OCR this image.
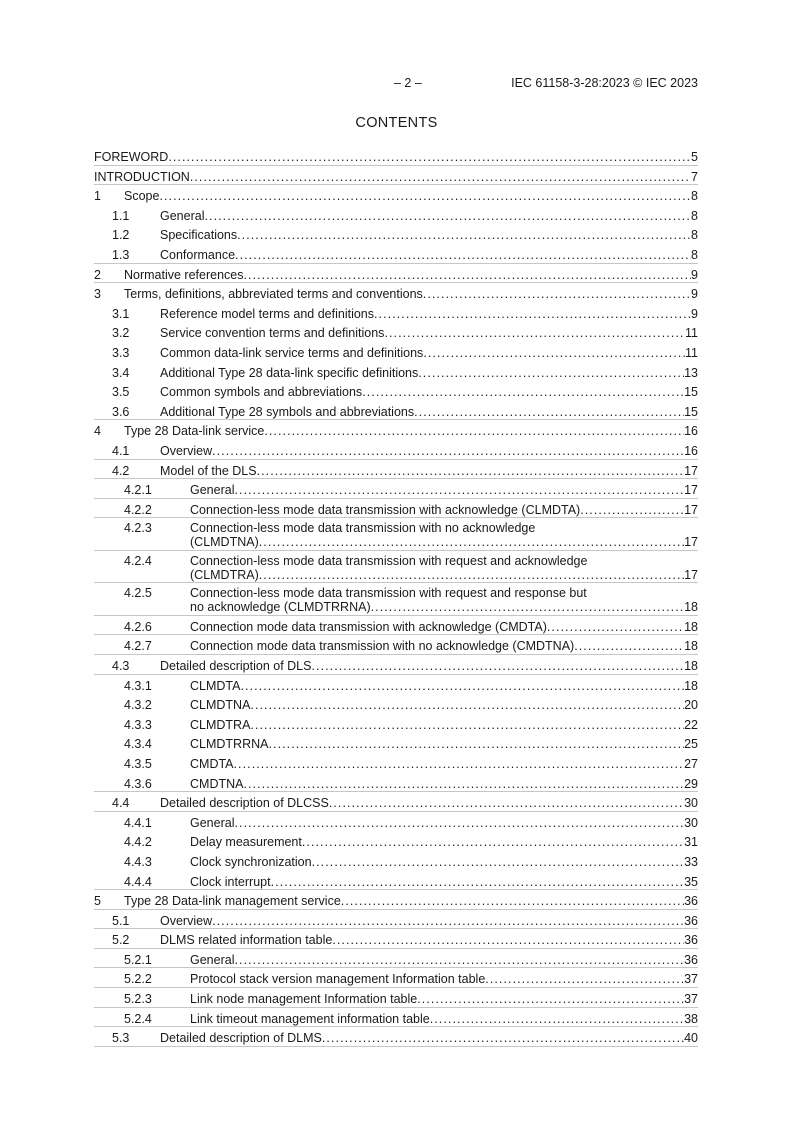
– 2 –	IEC 61158-3-28:2023 © IEC 2023
CONTENTS
FOREWORD . . .	5
INTRODUCTION . . .	7
1 Scope . . .	8
1.1 General . . .	8
1.2 Specifications . . .	8
1.3 Conformance . . .	8
2 Normative references . . .	9
3 Terms, definitions, abbreviated terms and conventions . . .	9
3.1 Reference model terms and definitions . . .	9
3.2 Service convention terms and definitions . . .	11
3.3 Common data-link service terms and definitions . . .	11
3.4 Additional Type 28 data-link specific definitions . . .	13
3.5 Common symbols and abbreviations . . .	15
3.6 Additional Type 28 symbols and abbreviations . . .	15
4 Type 28 Data-link service . . .	16
4.1 Overview . . .	16
4.2 Model of the DLS . . .	17
4.2.1	General . . .	17
4.2.2	Connection-less mode data transmission with acknowledge (CLMDTA) . . .	17
4.2.3	Connection-less mode data transmission with no acknowledge
(CLMDTNA) . . .	17
4.2.4	Connection-less mode data transmission with request and acknowledge
(CLMDTRA) . . .	17
4.2.5	Connection-less mode data transmission with request and response but
no acknowledge (CLMDTRRNA) . . .	18
4.2.6	Connection mode data transmission with acknowledge (CMDTA) . . .	18
4.2.7	Connection mode data transmission with no acknowledge (CMDTNA) . . .	18
4.3 Detailed description of DLS . . .	18
4.3.1	CLMDTA . . .	18
4.3.2	CLMDTNA . . .	20
4.3.3	CLMDTRA . . .	22
4.3.4	CLMDTRRNA . . .	25
4.3.5	CMDTA . . .	27
4.3.6	CMDTNA . . .	29
4.4 Detailed description of DLCSS . . .	30
4.4.1	General . . .	30
4.4.2	Delay measurement . . .	31
4.4.3	Clock synchronization . . .	33
4.4.4	Clock interrupt . . .	35
5 Type 28 Data-link management service . . .	36
5.1 Overview . . .	36
5.2 DLMS related information table . . .	36
5.2.1	General . . .	36
5.2.2	Protocol stack version management Information table . . .	37
5.2.3	Link node management Information table . . .	37
5.2.4	Link timeout management information table . . .	38
5.3 Detailed description of DLMS . . .	40
